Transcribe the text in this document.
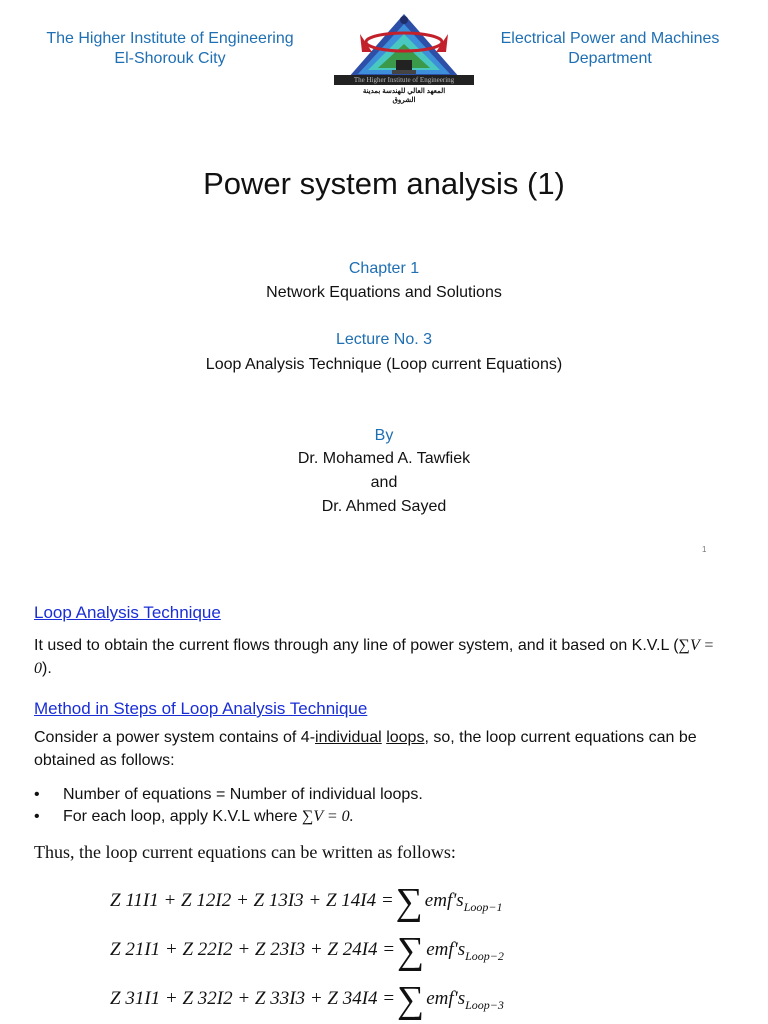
The Higher Institute of Engineering
El-Shorouk City
Electrical Power and Machines
Department
The Higher Institute of Engineering
المعهد العالي للهندسة بمدينة الشروق
Power system analysis (1)
Chapter 1
Network Equations and Solutions
Lecture No. 3
Loop Analysis Technique (Loop current Equations)
By
Dr. Mohamed A. Tawfiek
and
Dr. Ahmed Sayed
1
Loop Analysis Technique
It used to obtain the current flows through any line of power system, and it based on K.V.L (∑V = 0).
Method in Steps of Loop Analysis Technique
Consider a power system contains of 4-individual loops, so, the loop current equations can be obtained as follows:
• Number of equations = Number of individual loops.
• For each loop, apply K.V.L where ∑V = 0.
Thus, the loop current equations can be written as follows:
Z 11I1 + Z 12I2 + Z 13I3 + Z 14I4 =∑ $emf's_{Loop-1}$
Z 21I1 + Z 22I2 + Z 23I3 + Z 24I4 =∑ $emf's_{Loop-2}$
Z 31I1 + Z 32I2 + Z 33I3 + Z 34I4 =∑ $emf's_{Loop-3}$
